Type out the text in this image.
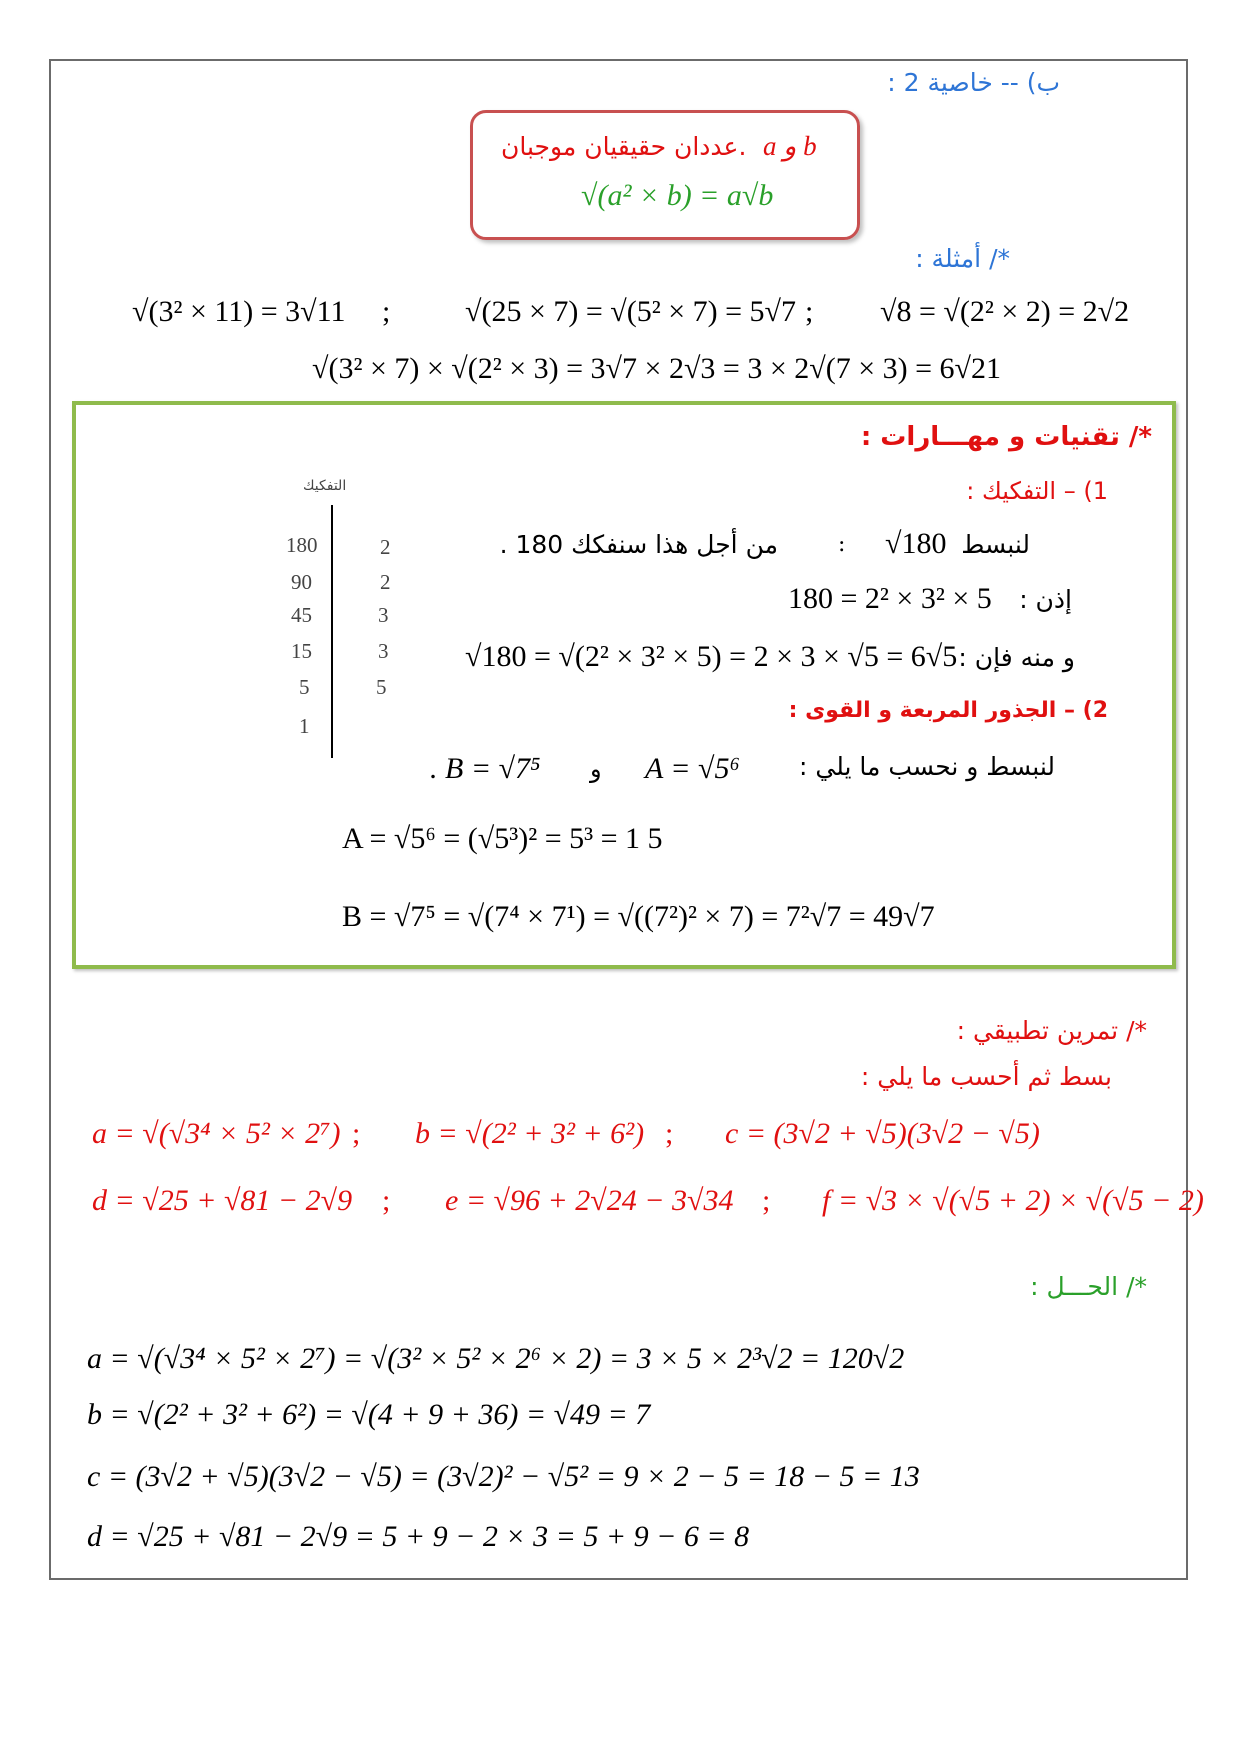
ب) -- خاصية 2 :
عددان حقيقيان موجبان. a و b
√(a² × b) = a√b
*/ أمثلة :
√8 = √(2² × 2) = 2√2
;
√(25 × 7) = √(5² × 7) = 5√7
;
√(3² × 11) = 3√11
√(3² × 7) × √(2² × 3) = 3√7 × 2√3 = 3 × 2√(7 × 3) = 6√21
*/ تقنيات و مهـــارات :
1) – التفكيك :
التفكيك
180
90
45
15
5
1
2
2
3
3
5
لنبسط
√180
:
من أجل هذا سنفكك 180 .
إذن :
180 = 2² × 3² × 5
و منه فإن :
√180 = √(2² × 3² × 5) = 2 × 3 × √5 = 6√5
2) – الجذور المربعة و القوى :
لنبسط و نحسب ما يلي :
A = √5⁶
و
. B = √7⁵
A = √5⁶ = (√5³)² = 5³ = 1 5
B = √7⁵ = √(7⁴ × 7¹) = √((7²)² × 7) = 7²√7 = 49√7
*/ تمرين تطبيقي :
بسط ثم أحسب ما يلي :
a = √(√3⁴ × 5² × 2⁷) ; b = √(2² + 3² + 6²) ; c = (3√2 + √5)(3√2 − √5)
d = √25 + √81 − 2√9 ; e = √96 + 2√24 − 3√34 ; f = √3 × √(√5 + 2) × √(√5 − 2)
*/ الحـــل :
a = √(√3⁴ × 5² × 2⁷) = √(3² × 5² × 2⁶ × 2) = 3 × 5 × 2³√2 = 120√2
b = √(2² + 3² + 6²) = √(4 + 9 + 36) = √49 = 7
c = (3√2 + √5)(3√2 − √5) = (3√2)² − √5² = 9 × 2 − 5 = 18 − 5 = 13
d = √25 + √81 − 2√9 = 5 + 9 − 2 × 3 = 5 + 9 − 6 = 8
